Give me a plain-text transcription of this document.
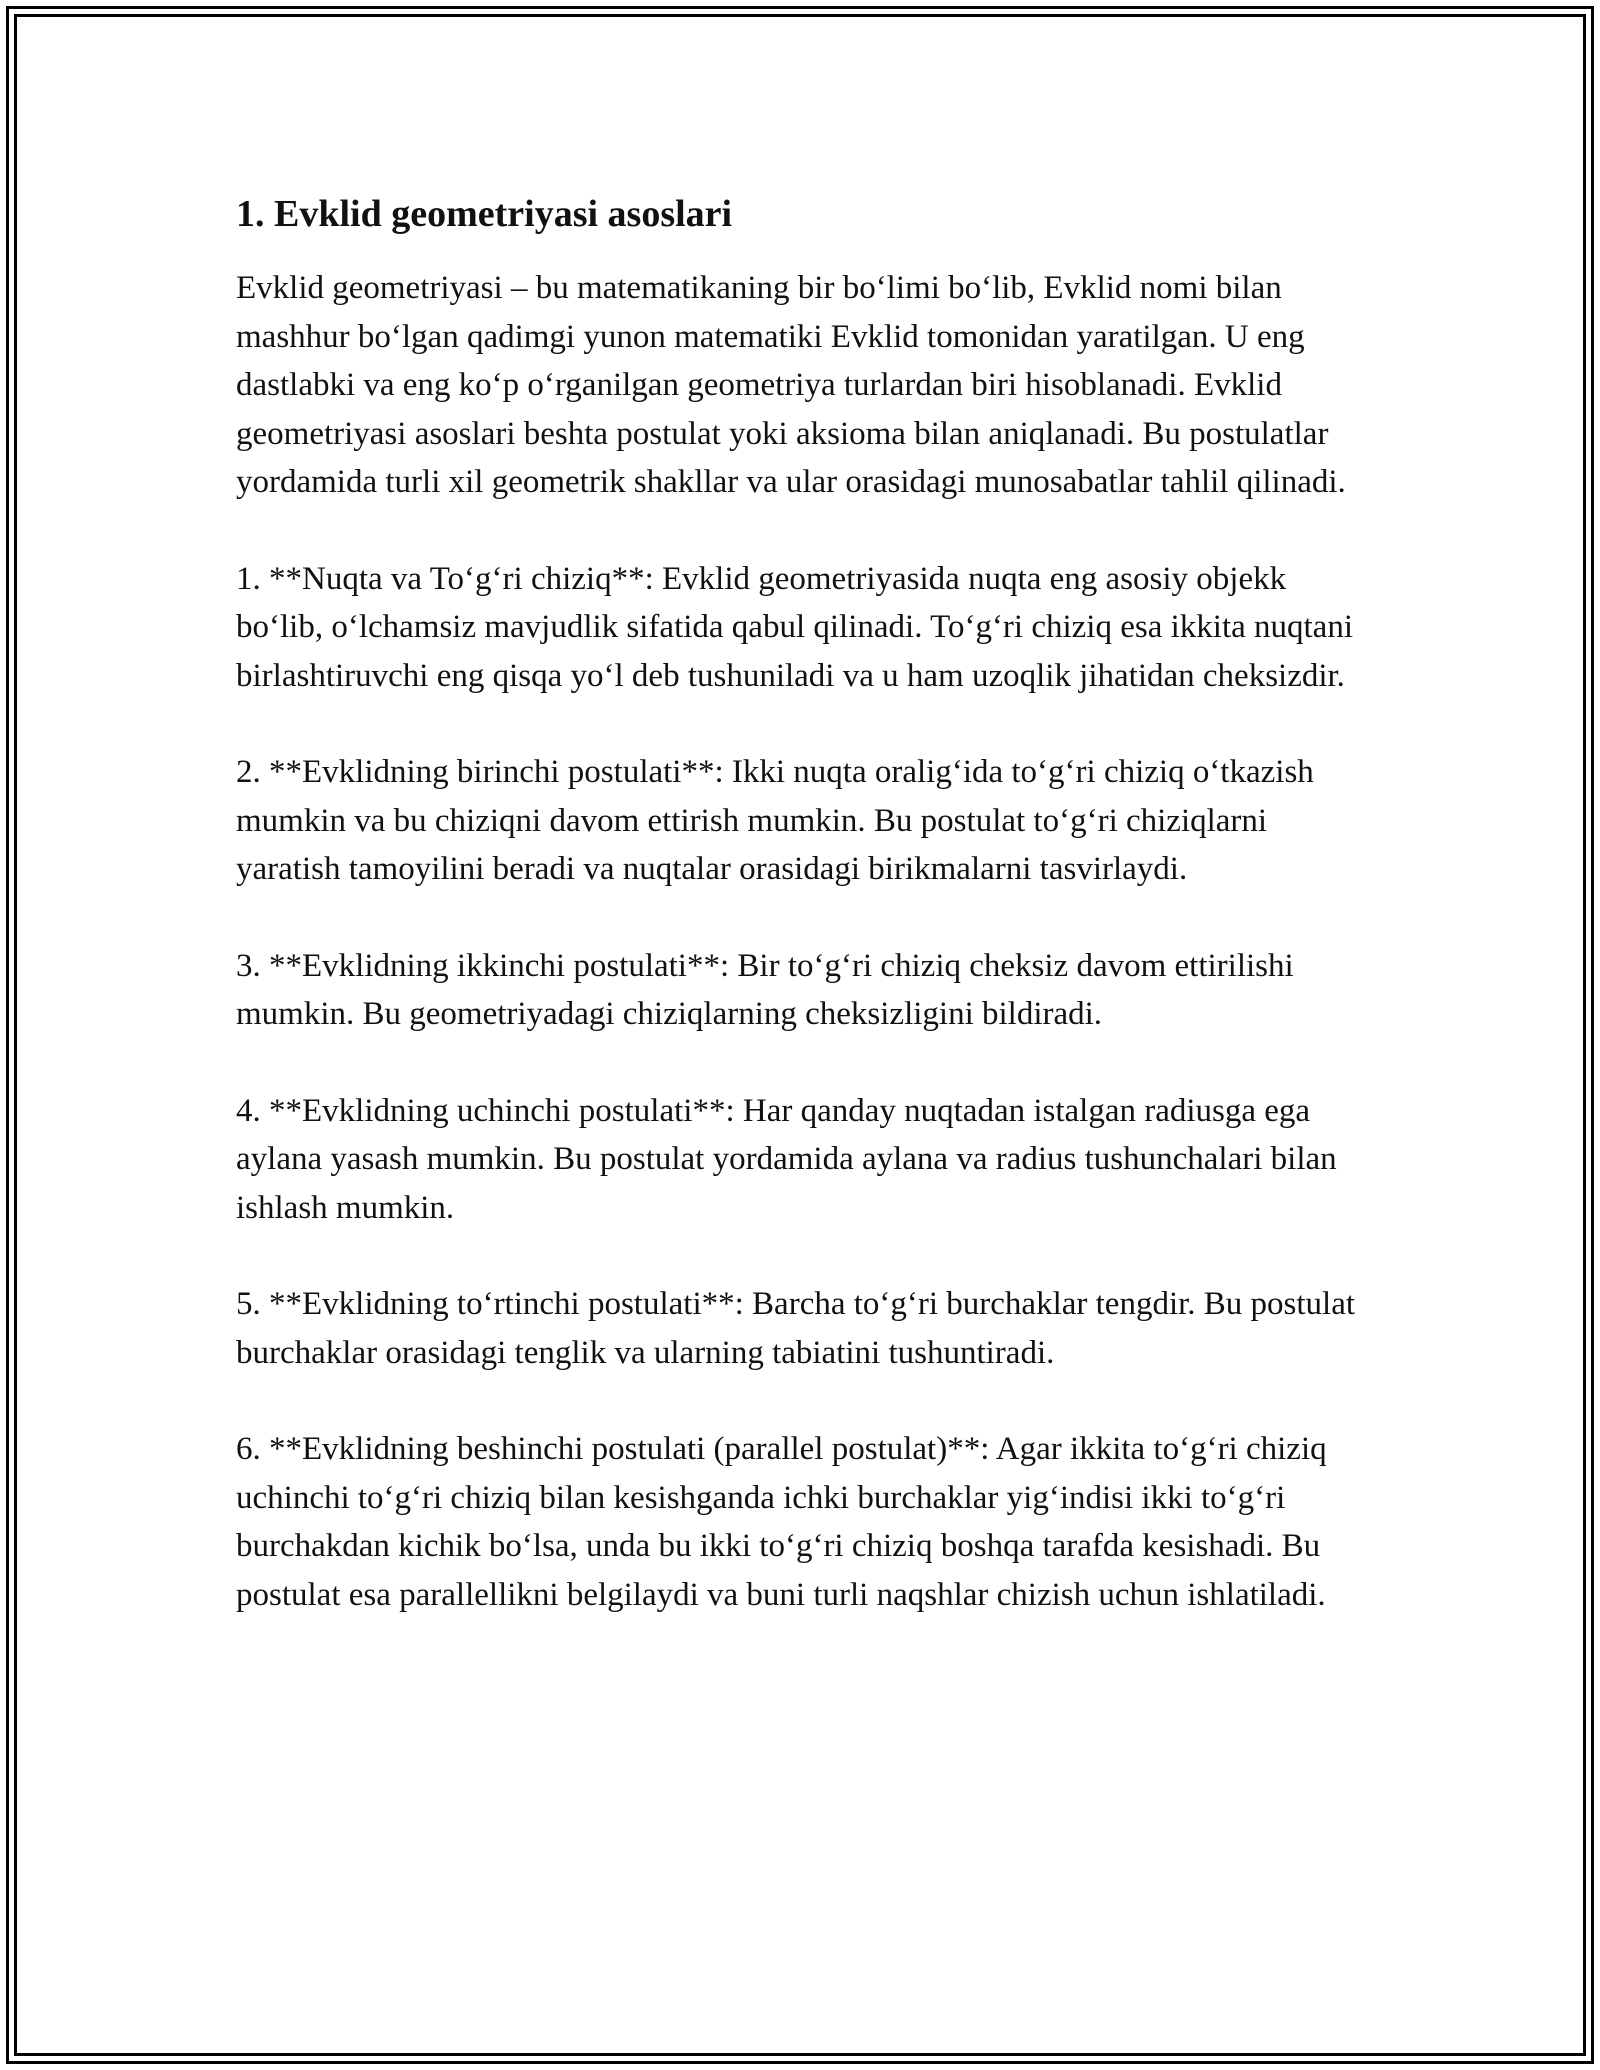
1. Evklid geometriyasi asoslari

Evklid geometriyasi – bu matematikaning bir bo‘limi bo‘lib, Evklid nomi bilan mashhur bo‘lgan qadimgi yunon matematiki Evklid tomonidan yaratilgan. U eng dastlabki va eng ko‘p o‘rganilgan geometriya turlardan biri hisoblanadi. Evklid geometriyasi asoslari beshta postulat yoki aksioma bilan aniqlanadi. Bu postulatlar yordamida turli xil geometrik shakllar va ular orasidagi munosabatlar tahlil qilinadi.

1. **Nuqta va To‘g‘ri chiziq**: Evklid geometriyasida nuqta eng asosiy objekk bo‘lib, o‘lchamsiz mavjudlik sifatida qabul qilinadi. To‘g‘ri chiziq esa ikkita nuqtani birlashtiruvchi eng qisqa yo‘l deb tushuniladi va u ham uzoqlik jihatidan cheksizdir.

2. **Evklidning birinchi postulati**: Ikki nuqta oralig‘ida to‘g‘ri chiziq o‘tkazish mumkin va bu chiziqni davom ettirish mumkin. Bu postulat to‘g‘ri chiziqlarni yaratish tamoyilini beradi va nuqtalar orasidagi birikmalarni tasvirlaydi.

3. **Evklidning ikkinchi postulati**: Bir to‘g‘ri chiziq cheksiz davom ettirilishi mumkin. Bu geometriyadagi chiziqlarning cheksizligini bildiradi.

4. **Evklidning uchinchi postulati**: Har qanday nuqtadan istalgan radiusga ega aylana yasash mumkin. Bu postulat yordamida aylana va radius tushunchalari bilan ishlash mumkin.

5. **Evklidning to‘rtinchi postulati**: Barcha to‘g‘ri burchaklar tengdir. Bu postulat burchaklar orasidagi tenglik va ularning tabiatini tushuntiradi.

6. **Evklidning beshinchi postulati (parallel postulat)**: Agar ikkita to‘g‘ri chiziq uchinchi to‘g‘ri chiziq bilan kesishganda ichki burchaklar yig‘indisi ikki to‘g‘ri burchakdan kichik bo‘lsa, unda bu ikki to‘g‘ri chiziq boshqa tarafda kesishadi. Bu postulat esa parallellikni belgilaydi va buni turli naqshlar chizish uchun ishlatiladi.
